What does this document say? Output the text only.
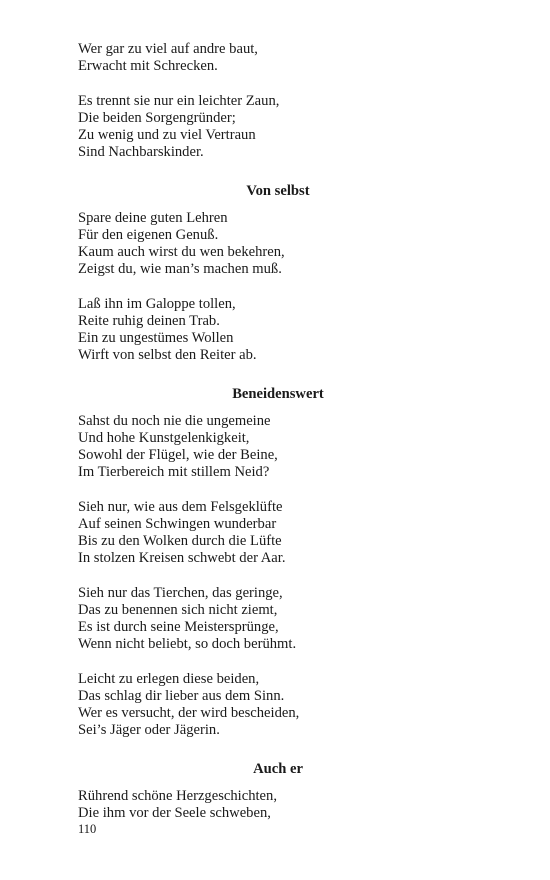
Wer gar zu viel auf andre baut,
Erwacht mit Schrecken.
Es trennt sie nur ein leichter Zaun,
Die beiden Sorgengründer;
Zu wenig und zu viel Vertraun
Sind Nachbarskinder.
Von selbst
Spare deine guten Lehren
Für den eigenen Genuß.
Kaum auch wirst du wen bekehren,
Zeigst du, wie man’s machen muß.
Laß ihn im Galoppe tollen,
Reite ruhig deinen Trab.
Ein zu ungestümes Wollen
Wirft von selbst den Reiter ab.
Beneidenswert
Sahst du noch nie die ungemeine
Und hohe Kunstgelenkigkeit,
Sowohl der Flügel, wie der Beine,
Im Tierbereich mit stillem Neid?
Sieh nur, wie aus dem Felsgeklüfte
Auf seinen Schwingen wunderbar
Bis zu den Wolken durch die Lüfte
In stolzen Kreisen schwebt der Aar.
Sieh nur das Tierchen, das geringe,
Das zu benennen sich nicht ziemt,
Es ist durch seine Meistersprünge,
Wenn nicht beliebt, so doch berühmt.
Leicht zu erlegen diese beiden,
Das schlag dir lieber aus dem Sinn.
Wer es versucht, der wird bescheiden,
Sei’s Jäger oder Jägerin.
Auch er
Rührend schöne Herzgeschichten,
Die ihm vor der Seele schweben,
110
